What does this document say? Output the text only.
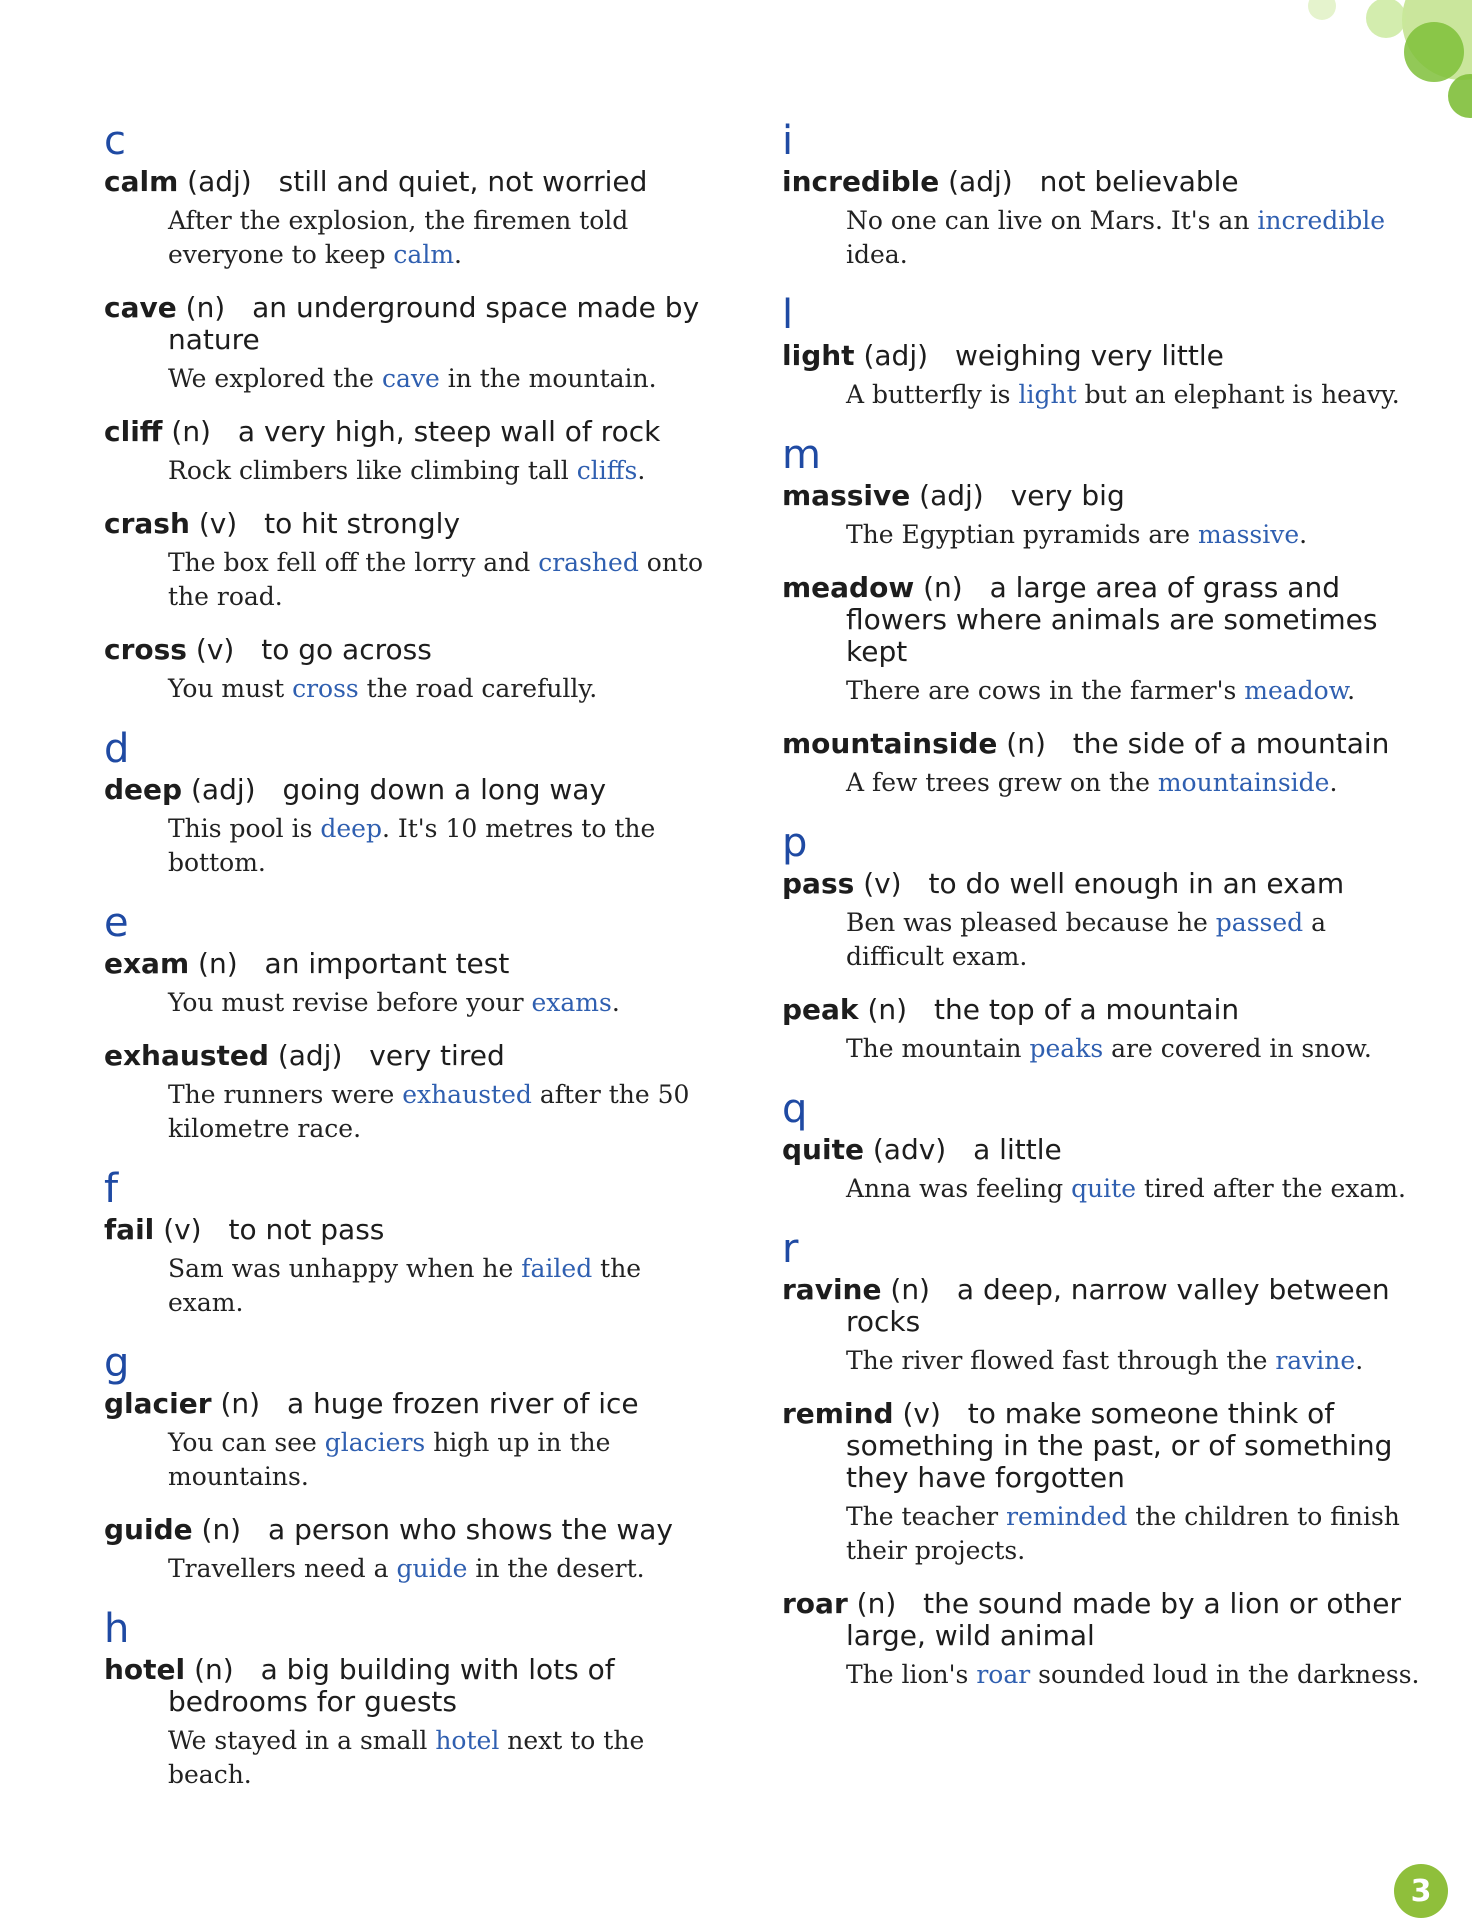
c
calm (adj) still and quiet, not worried
After the explosion, the firemen told everyone to keep calm.
cave (n) an underground space made by nature
We explored the cave in the mountain.
cliff (n) a very high, steep wall of rock
Rock climbers like climbing tall cliffs.
crash (v) to hit strongly
The box fell off the lorry and crashed onto the road.
cross (v) to go across
You must cross the road carefully.
d
deep (adj) going down a long way
This pool is deep. It's 10 metres to the bottom.
e
exam (n) an important test
You must revise before your exams.
exhausted (adj) very tired
The runners were exhausted after the 50 kilometre race.
f
fail (v) to not pass
Sam was unhappy when he failed the exam.
g
glacier (n) a huge frozen river of ice
You can see glaciers high up in the mountains.
guide (n) a person who shows the way
Travellers need a guide in the desert.
h
hotel (n) a big building with lots of bedrooms for guests
We stayed in a small hotel next to the beach.
i
incredible (adj) not believable
No one can live on Mars. It's an incredible idea.
l
light (adj) weighing very little
A butterfly is light but an elephant is heavy.
m
massive (adj) very big
The Egyptian pyramids are massive.
meadow (n) a large area of grass and flowers where animals are sometimes kept
There are cows in the farmer's meadow.
mountainside (n) the side of a mountain
A few trees grew on the mountainside.
p
pass (v) to do well enough in an exam
Ben was pleased because he passed a difficult exam.
peak (n) the top of a mountain
The mountain peaks are covered in snow.
q
quite (adv) a little
Anna was feeling quite tired after the exam.
r
ravine (n) a deep, narrow valley between rocks
The river flowed fast through the ravine.
remind (v) to make someone think of something in the past, or of something they have forgotten
The teacher reminded the children to finish their projects.
roar (n) the sound made by a lion or other large, wild animal
The lion's roar sounded loud in the darkness.
3
